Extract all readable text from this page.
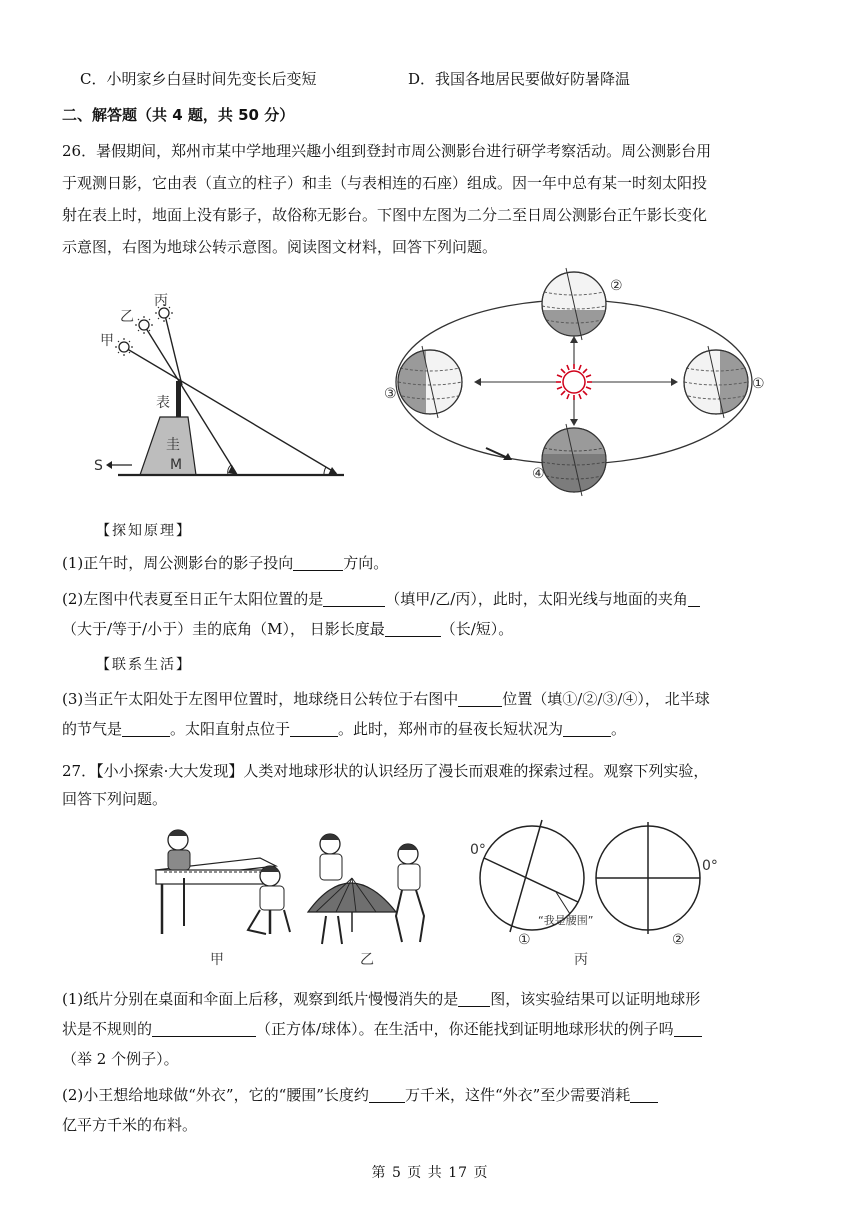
C．小明家乡白昼时间先变长后变短	D．我国各地居民要做好防暑降温
二、解答题（共 4 题，共 50 分）
26．暑假期间，郑州市某中学地理兴趣小组到登封市周公测影台进行研学考察活动。周公测影台用
于观测日影，它由表（直立的柱子）和圭（与表相连的石座）组成。因一年中总有某一时刻太阳投
射在表上时，地面上没有影子，故俗称无影台。下图中左图为二分二至日周公测影台正午影长变化
示意图，右图为地球公转示意图。阅读图文材料，回答下列问题。
甲
乙
丙
表
圭
M
S
②
①
③
④
【探知原理】
(1)正午时，周公测影台的影子投向	方向。
(2)左图中代表夏至日正午太阳位置的是	（填甲/乙/丙），此时，太阳光线与地面的夹角
（大于/等于/小于）圭的底角（M）， 日影长度最	（长/短）。
【联系生活】
(3)当正午太阳处于左图甲位置时，地球绕日公转位于右图中	位置（填①/②/③/④）， 北半球
的节气是	。太阳直射点位于	。此时，郑州市的昼夜长短状况为	。
27．【小小探索·大大发现】人类对地球形状的认识经历了漫长而艰难的探索过程。观察下列实验，
回答下列问题。
甲	乙
0°
“我是腰围”
①
0°
②
丙
(1)纸片分别在桌面和伞面上后移，观察到纸片慢慢消失的是 图，该实验结果可以证明地球形
状是不规则的	（正方体/球体）。在生活中，你还能找到证明地球形状的例子吗
（举 2 个例子）。
(2)小王想给地球做“外衣”，它的“腰围”长度约 万千米，这件“外衣”至少需要消耗
亿平方千米的布料。
第 5 页 共 17 页
